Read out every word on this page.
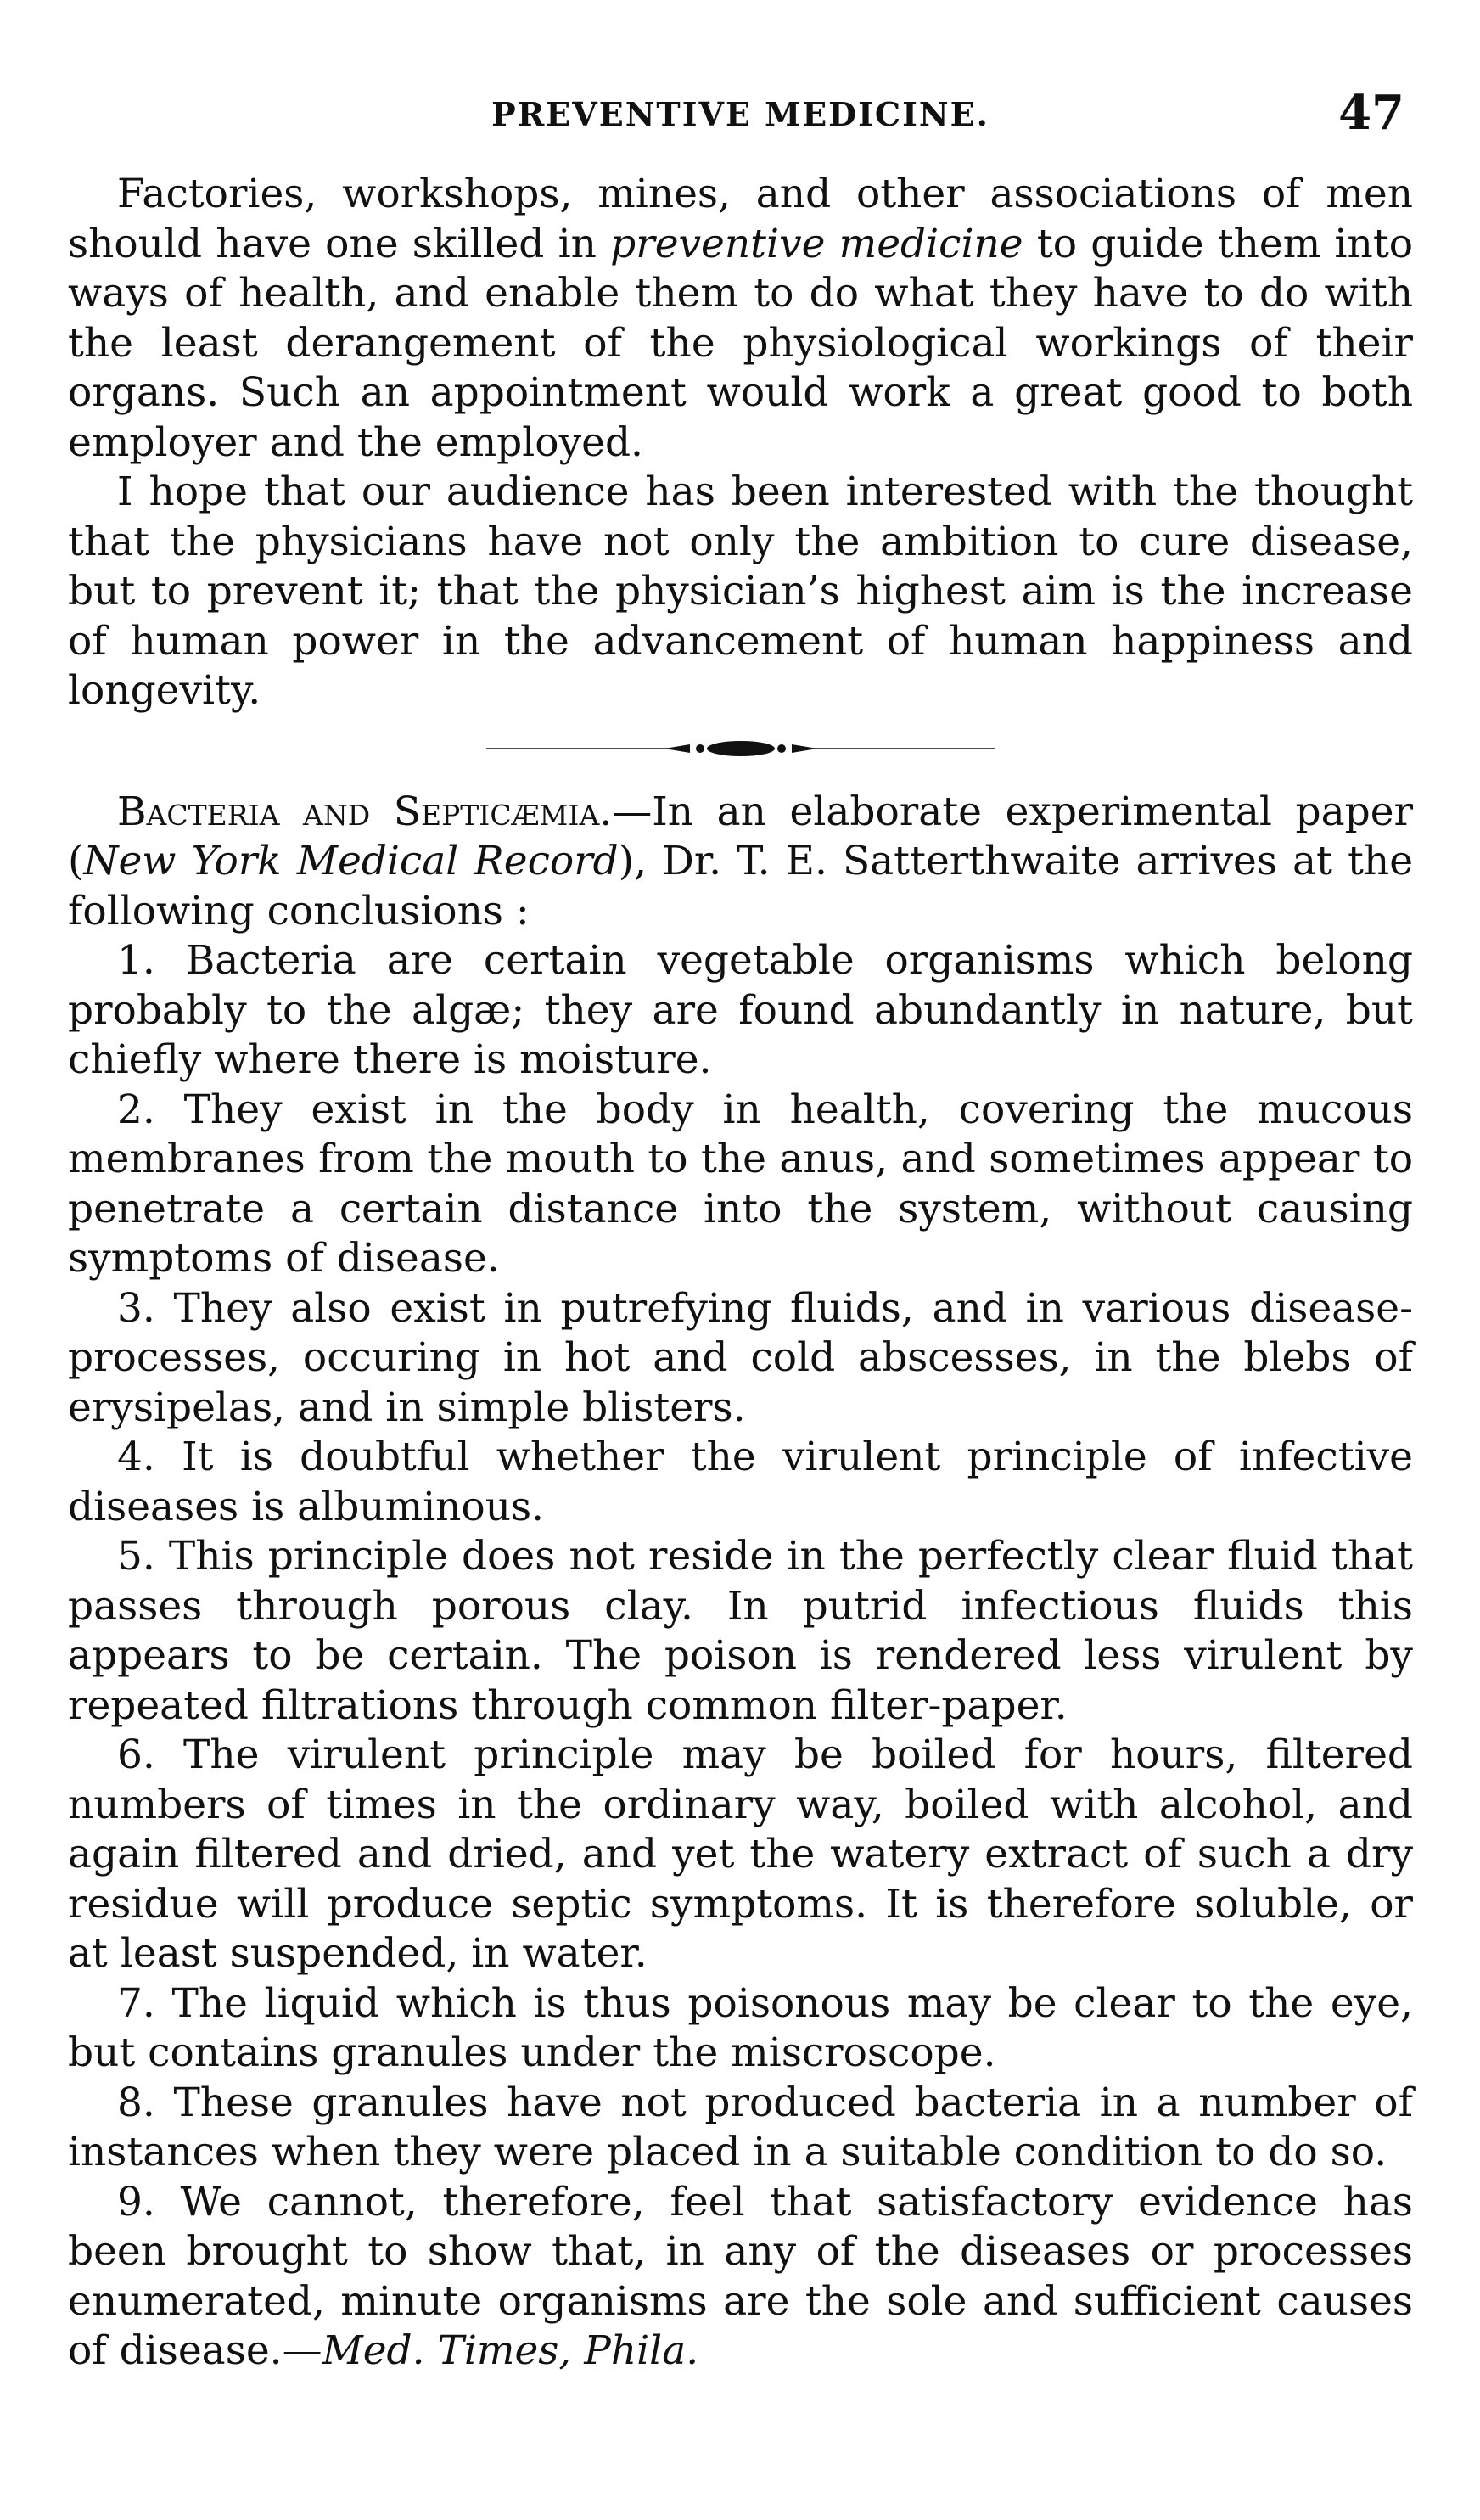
PREVENTIVE MEDICINE.	47

Factories, workshops, mines, and other associations of men should have one skilled in preventive medicine to guide them into ways of health, and enable them to do what they have to do with the least derangement of the physiological workings of their organs. Such an appointment would work a great good to both employer and the employed.

I hope that our audience has been interested with the thought that the physicians have not only the ambition to cure disease, but to prevent it; that the physician’s highest aim is the increase of human power in the advancement of human happiness and longevity.

Bacteria and Septicæmia.—In an elaborate experimental paper (New York Medical Record), Dr. T. E. Satterthwaite arrives at the following conclusions :

1. Bacteria are certain vegetable organisms which belong probably to the algæ; they are found abundantly in nature, but chiefly where there is moisture.

2. They exist in the body in health, covering the mucous membranes from the mouth to the anus, and sometimes appear to penetrate a certain distance into the system, without causing symptoms of disease.

3. They also exist in putrefying fluids, and in various disease-processes, occuring in hot and cold abscesses, in the blebs of erysipelas, and in simple blisters.

4. It is doubtful whether the virulent principle of infective diseases is albuminous.

5. This principle does not reside in the perfectly clear fluid that passes through porous clay. In putrid infectious fluids this appears to be certain. The poison is rendered less virulent by repeated filtrations through common filter-paper.

6. The virulent principle may be boiled for hours, filtered numbers of times in the ordinary way, boiled with alcohol, and again filtered and dried, and yet the watery extract of such a dry residue will produce septic symptoms. It is therefore soluble, or at least suspended, in water.

7. The liquid which is thus poisonous may be clear to the eye, but contains granules under the miscroscope.

8. These granules have not produced bacteria in a number of instances when they were placed in a suitable condition to do so.

9. We cannot, therefore, feel that satisfactory evidence has been brought to show that, in any of the diseases or processes enumerated, minute organisms are the sole and sufficient causes of disease.—Med. Times, Phila.
